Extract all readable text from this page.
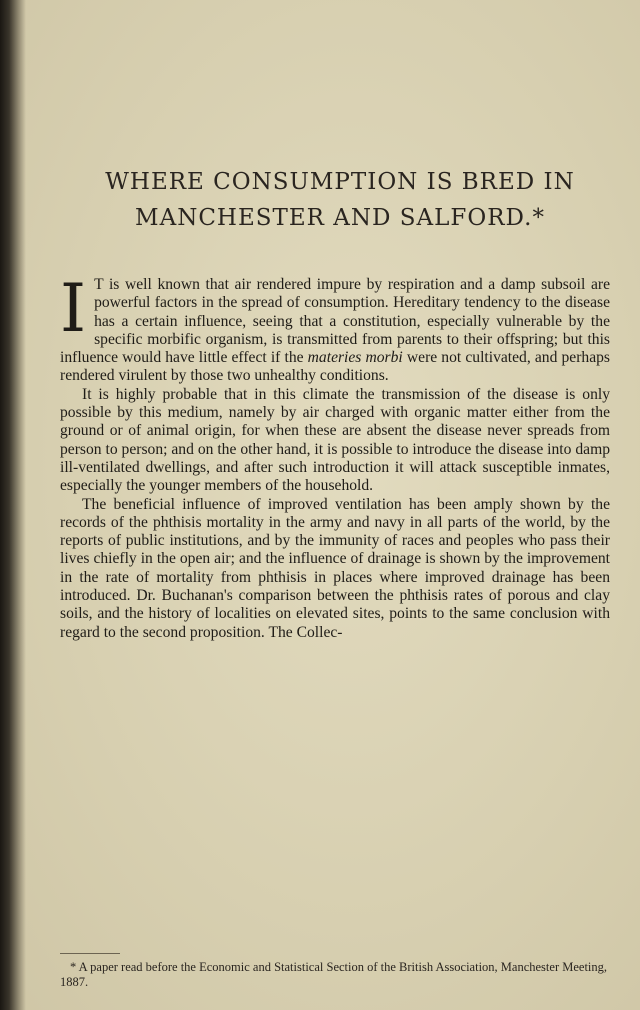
WHERE CONSUMPTION IS BRED IN
MANCHESTER AND SALFORD.*

I T is well known that air rendered impure by respiration and a damp subsoil are powerful factors in the spread of consumption. Hereditary tendency to the disease has a certain influence, seeing that a constitution, especially vulnerable by the specific morbific organism, is transmitted from parents to their offspring; but this influence would have little effect if the materies morbi were not cultivated, and perhaps rendered virulent by those two unhealthy conditions.

It is highly probable that in this climate the transmission of the disease is only possible by this medium, namely by air charged with organic matter either from the ground or of animal origin, for when these are absent the disease never spreads from person to person; and on the other hand, it is possible to introduce the disease into damp ill-ventilated dwellings, and after such introduction it will attack susceptible inmates, especially the younger members of the household.

The beneficial influence of improved ventilation has been amply shown by the records of the phthisis mortality in the army and navy in all parts of the world, by the reports of public institutions, and by the immunity of races and peoples who pass their lives chiefly in the open air; and the influence of drainage is shown by the improvement in the rate of mortality from phthisis in places where improved drainage has been introduced. Dr. Buchanan's comparison between the phthisis rates of porous and clay soils, and the history of localities on elevated sites, points to the same conclusion with regard to the second proposition. The Collec-

* A paper read before the Economic and Statistical Section of the British Association, Manchester Meeting, 1887.
